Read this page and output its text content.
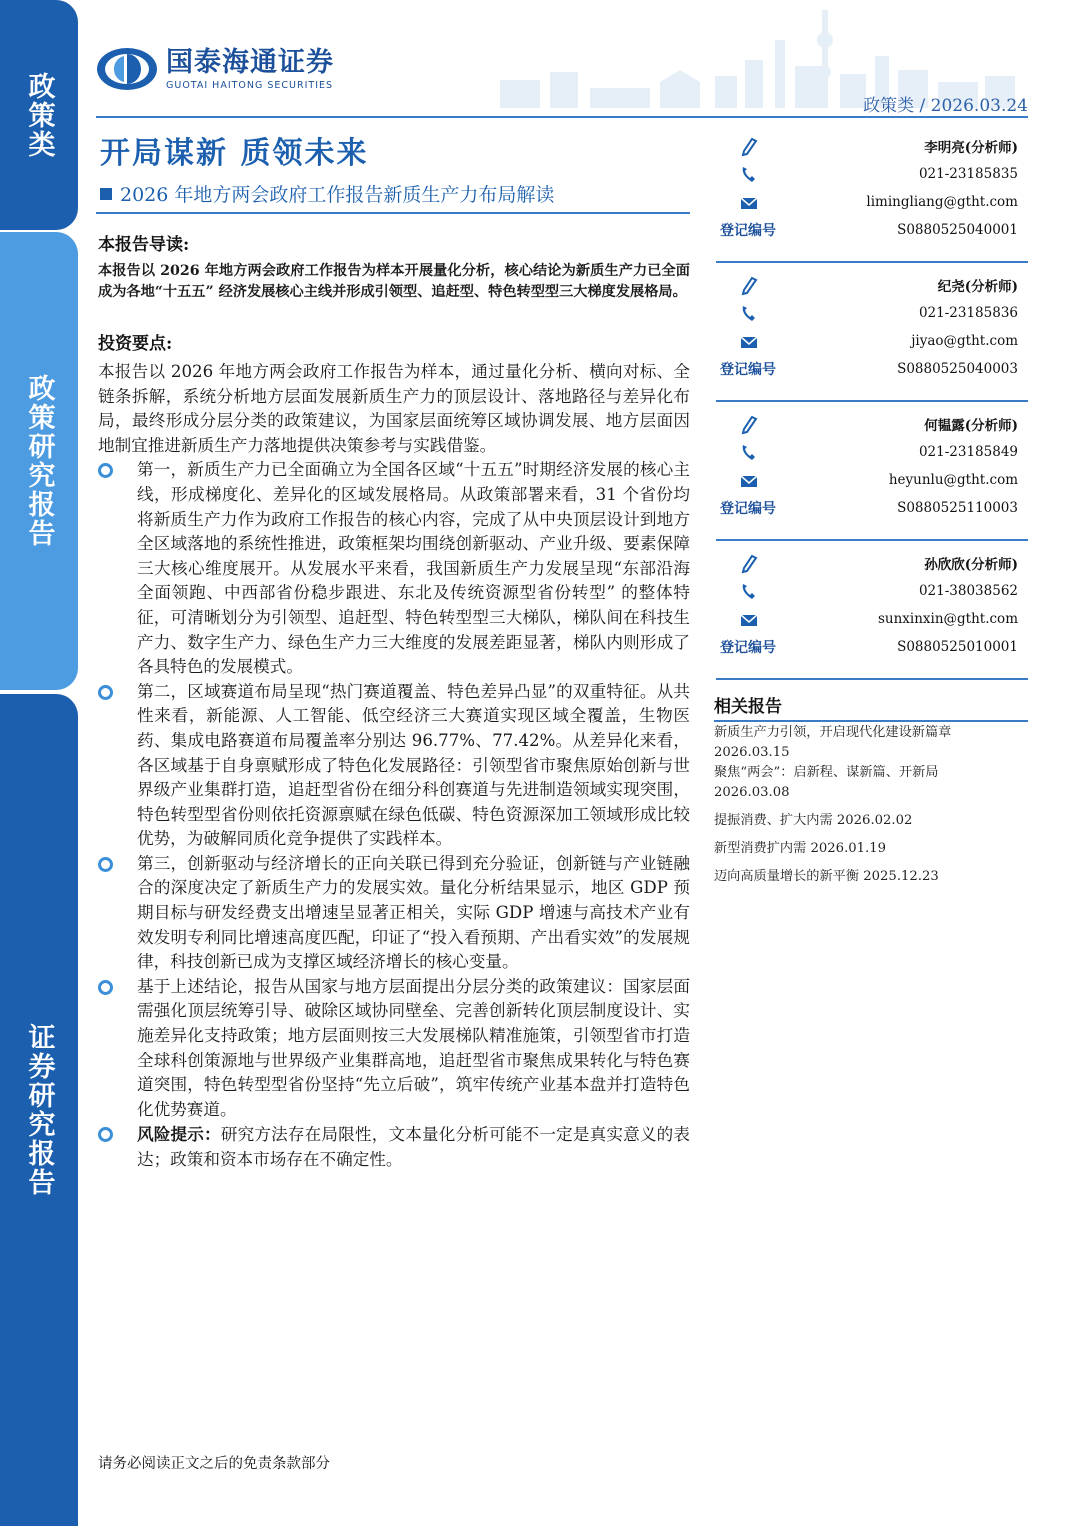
政策类
政策研究报告
证券研究报告
国泰海通证券
GUOTAI HAITONG SECURITIES
政策类 / 2026.03.24
开局谋新 质领未来
2026 年地方两会政府工作报告新质生产力布局解读
本报告导读:
本报告以 2026 年地方两会政府工作报告为样本开展量化分析，核心结论为新质生产力已全面成为各地“十五五” 经济发展核心主线并形成引领型、追赶型、特色转型型三大梯度发展格局。
投资要点:

本报告以 2026 年地方两会政府工作报告为样本，通过量化分析、横向对标、全链条拆解，系统分析地方层面发展新质生产力的顶层设计、落地路径与差异化布局，最终形成分层分类的政策建议，为国家层面统筹区域协调发展、地方层面因地制宜推进新质生产力落地提供决策参考与实践借鉴。

第一，新质生产力已全面确立为全国各区域“十五五”时期经济发展的核心主线，形成梯度化、差异化的区域发展格局。从政策部署来看，31 个省份均将新质生产力作为政府工作报告的核心内容，完成了从中央顶层设计到地方全区域落地的系统性推进，政策框架均围绕创新驱动、产业升级、要素保障三大核心维度展开。从发展水平来看，我国新质生产力发展呈现“东部沿海全面领跑、中西部省份稳步跟进、东北及传统资源型省份转型” 的整体特征，可清晰划分为引领型、追赶型、特色转型型三大梯队，梯队间在科技生产力、数字生产力、绿色生产力三大维度的发展差距显著，梯队内则形成了各具特色的发展模式。
第二，区域赛道布局呈现“热门赛道覆盖、特色差异凸显”的双重特征。从共性来看，新能源、人工智能、低空经济三大赛道实现区域全覆盖，生物医药、集成电路赛道布局覆盖率分别达 96.77%、77.42%。从差异化来看，各区域基于自身禀赋形成了特色化发展路径：引领型省市聚焦原始创新与世界级产业集群打造，追赶型省份在细分科创赛道与先进制造领域实现突围，特色转型型省份则依托资源禀赋在绿色低碳、特色资源深加工领域形成比较优势，为破解同质化竞争提供了实践样本。
第三，创新驱动与经济增长的正向关联已得到充分验证，创新链与产业链融合的深度决定了新质生产力的发展实效。量化分析结果显示，地区 GDP 预期目标与研发经费支出增速呈显著正相关，实际 GDP 增速与高技术产业有效发明专利同比增速高度匹配，印证了“投入看预期、产出看实效”的发展规律，科技创新已成为支撑区域经济增长的核心变量。
基于上述结论，报告从国家与地方层面提出分层分类的政策建议：国家层面需强化顶层统筹引导、破除区域协同壁垒、完善创新转化顶层制度设计、实施差异化支持政策；地方层面则按三大发展梯队精准施策，引领型省市打造全球科创策源地与世界级产业集群高地，追赶型省市聚焦成果转化与特色赛道突围，特色转型型省份坚持“先立后破”，筑牢传统产业基本盘并打造特色化优势赛道。
风险提示：研究方法存在局限性，文本量化分析可能不一定是真实意义的表达；政策和资本市场存在不确定性。
李明亮(分析师)
021-23185835
limingliang@gtht.com
登记编号	S0880525040001
纪尧(分析师)
021-23185836
jiyao@gtht.com
登记编号	S0880525040003
何韫露(分析师)
021-23185849
heyunlu@gtht.com
登记编号	S0880525110003
孙欣欣(分析师)
021-38038562
sunxinxin@gtht.com
登记编号	S0880525010001
相关报告
新质生产力引领，开启现代化建设新篇章
2026.03.15
聚焦“两会”：启新程、谋新篇、开新局
2026.03.08
提振消费、扩大内需 2026.02.02
新型消费扩内需 2026.01.19
迈向高质量增长的新平衡 2025.12.23
请务必阅读正文之后的免责条款部分
